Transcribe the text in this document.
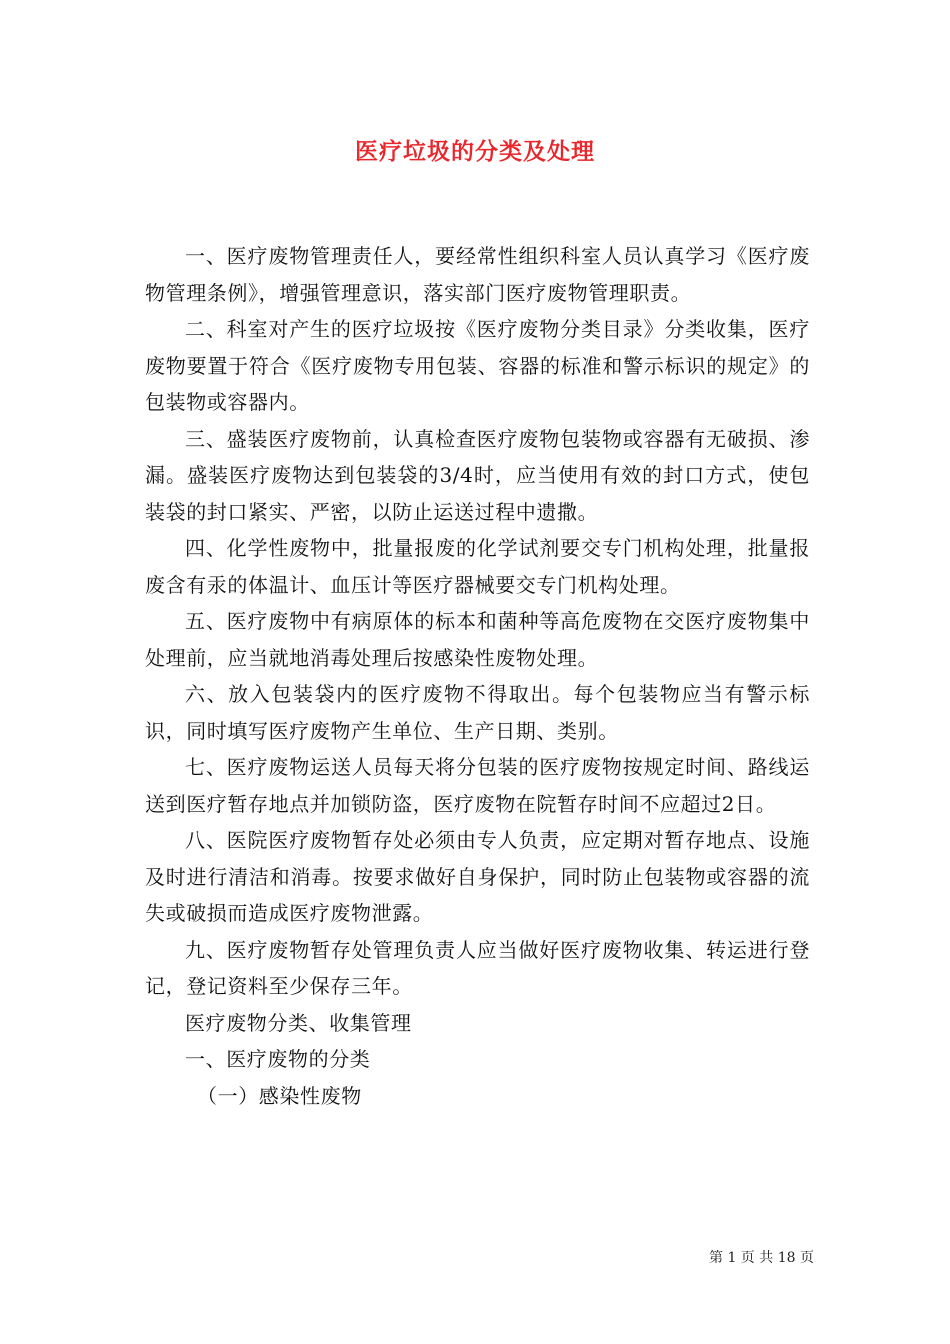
医疗垃圾的分类及处理

一、医疗废物管理责任人，要经常性组织科室人员认真学习《医疗废物管理条例》，增强管理意识，落实部门医疗废物管理职责。

二、科室对产生的医疗垃圾按《医疗废物分类目录》分类收集，医疗废物要置于符合《医疗废物专用包装、容器的标准和警示标识的规定》的包装物或容器内。

三、盛装医疗废物前，认真检查医疗废物包装物或容器有无破损、渗漏。盛装医疗废物达到包装袋的3/4时，应当使用有效的封口方式，使包装袋的封口紧实、严密，以防止运送过程中遗撒。

四、化学性废物中，批量报废的化学试剂要交专门机构处理，批量报废含有汞的体温计、血压计等医疗器械要交专门机构处理。

五、医疗废物中有病原体的标本和菌种等高危废物在交医疗废物集中处理前，应当就地消毒处理后按感染性废物处理。

六、放入包装袋内的医疗废物不得取出。每个包装物应当有警示标识，同时填写医疗废物产生单位、生产日期、类别。

七、医疗废物运送人员每天将分包装的医疗废物按规定时间、路线运送到医疗暂存地点并加锁防盗，医疗废物在院暂存时间不应超过2日。

八、医院医疗废物暂存处必须由专人负责，应定期对暂存地点、设施及时进行清洁和消毒。按要求做好自身保护，同时防止包装物或容器的流失或破损而造成医疗废物泄露。

九、医疗废物暂存处管理负责人应当做好医疗废物收集、转运进行登记，登记资料至少保存三年。

医疗废物分类、收集管理

一、医疗废物的分类

（一）感染性废物

第 1 页 共 18 页
